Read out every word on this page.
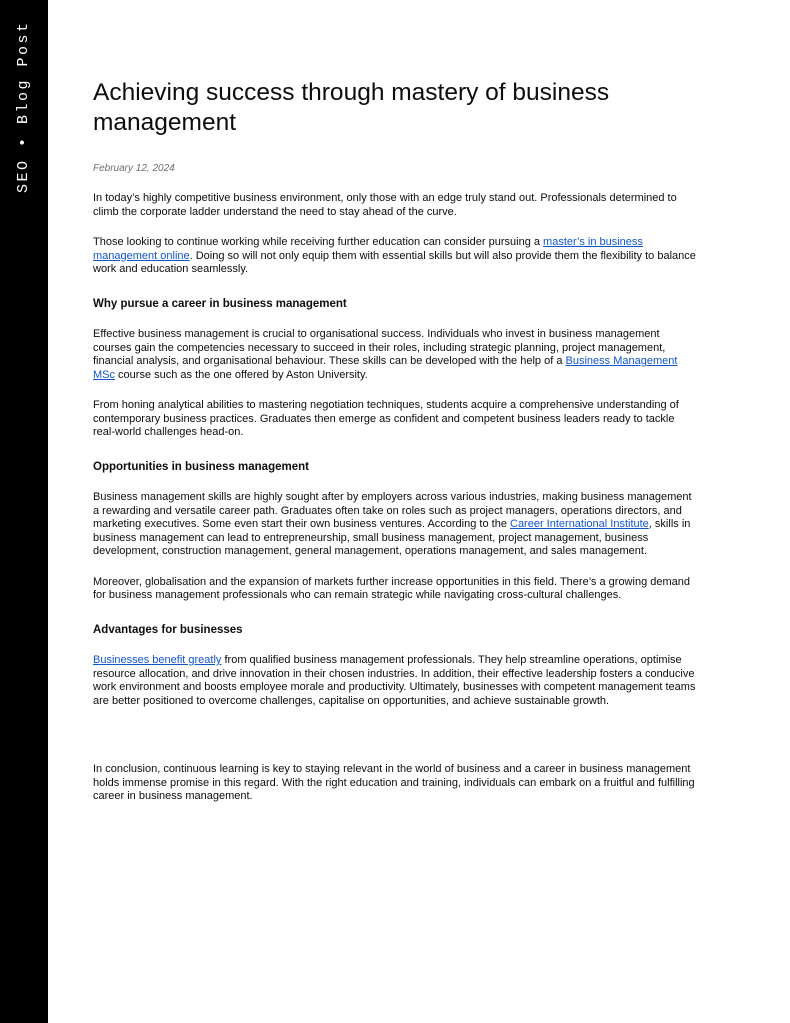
SEO • Blog Post Achieving success through mastery of business management
February 12, 2024

In today’s highly competitive business environment, only those with an edge truly stand out. Professionals determined to climb the corporate ladder understand the need to stay ahead of the curve.

Those looking to continue working while receiving further education can consider pursuing a master’s in business management online. Doing so will not only equip them with essential skills but will also provide them the flexibility to balance work and education seamlessly.

Why pursue a career in business management

Effective business management is crucial to organisational success. Individuals who invest in business management courses gain the competencies necessary to succeed in their roles, including strategic planning, project management, financial analysis, and organisational behaviour. These skills can be developed with the help of a Business Management MSc course such as the one offered by Aston University.

From honing analytical abilities to mastering negotiation techniques, students acquire a comprehensive understanding of contemporary business practices. Graduates then emerge as confident and competent business leaders ready to tackle real-world challenges head-on.

Opportunities in business management

Business management skills are highly sought after by employers across various industries, making business management a rewarding and versatile career path. Graduates often take on roles such as project managers, operations directors, and marketing executives. Some even start their own business ventures. According to the Career International Institute, skills in business management can lead to entrepreneurship, small business management, project management, business development, construction management, general management, operations management, and sales management.

Moreover, globalisation and the expansion of markets further increase opportunities in this field. There’s a growing demand for business management professionals who can remain strategic while navigating cross-cultural challenges.

Advantages for businesses

Businesses benefit greatly from qualified business management professionals. They help streamline operations, optimise resource allocation, and drive innovation in their chosen industries. In addition, their effective leadership fosters a conducive work environment and boosts employee morale and productivity. Ultimately, businesses with competent management teams are better positioned to overcome challenges, capitalise on opportunities, and achieve sustainable growth.

In conclusion, continuous learning is key to staying relevant in the world of business and a career in business management holds immense promise in this regard. With the right education and training, individuals can embark on a fruitful and fulfilling career in business management.
